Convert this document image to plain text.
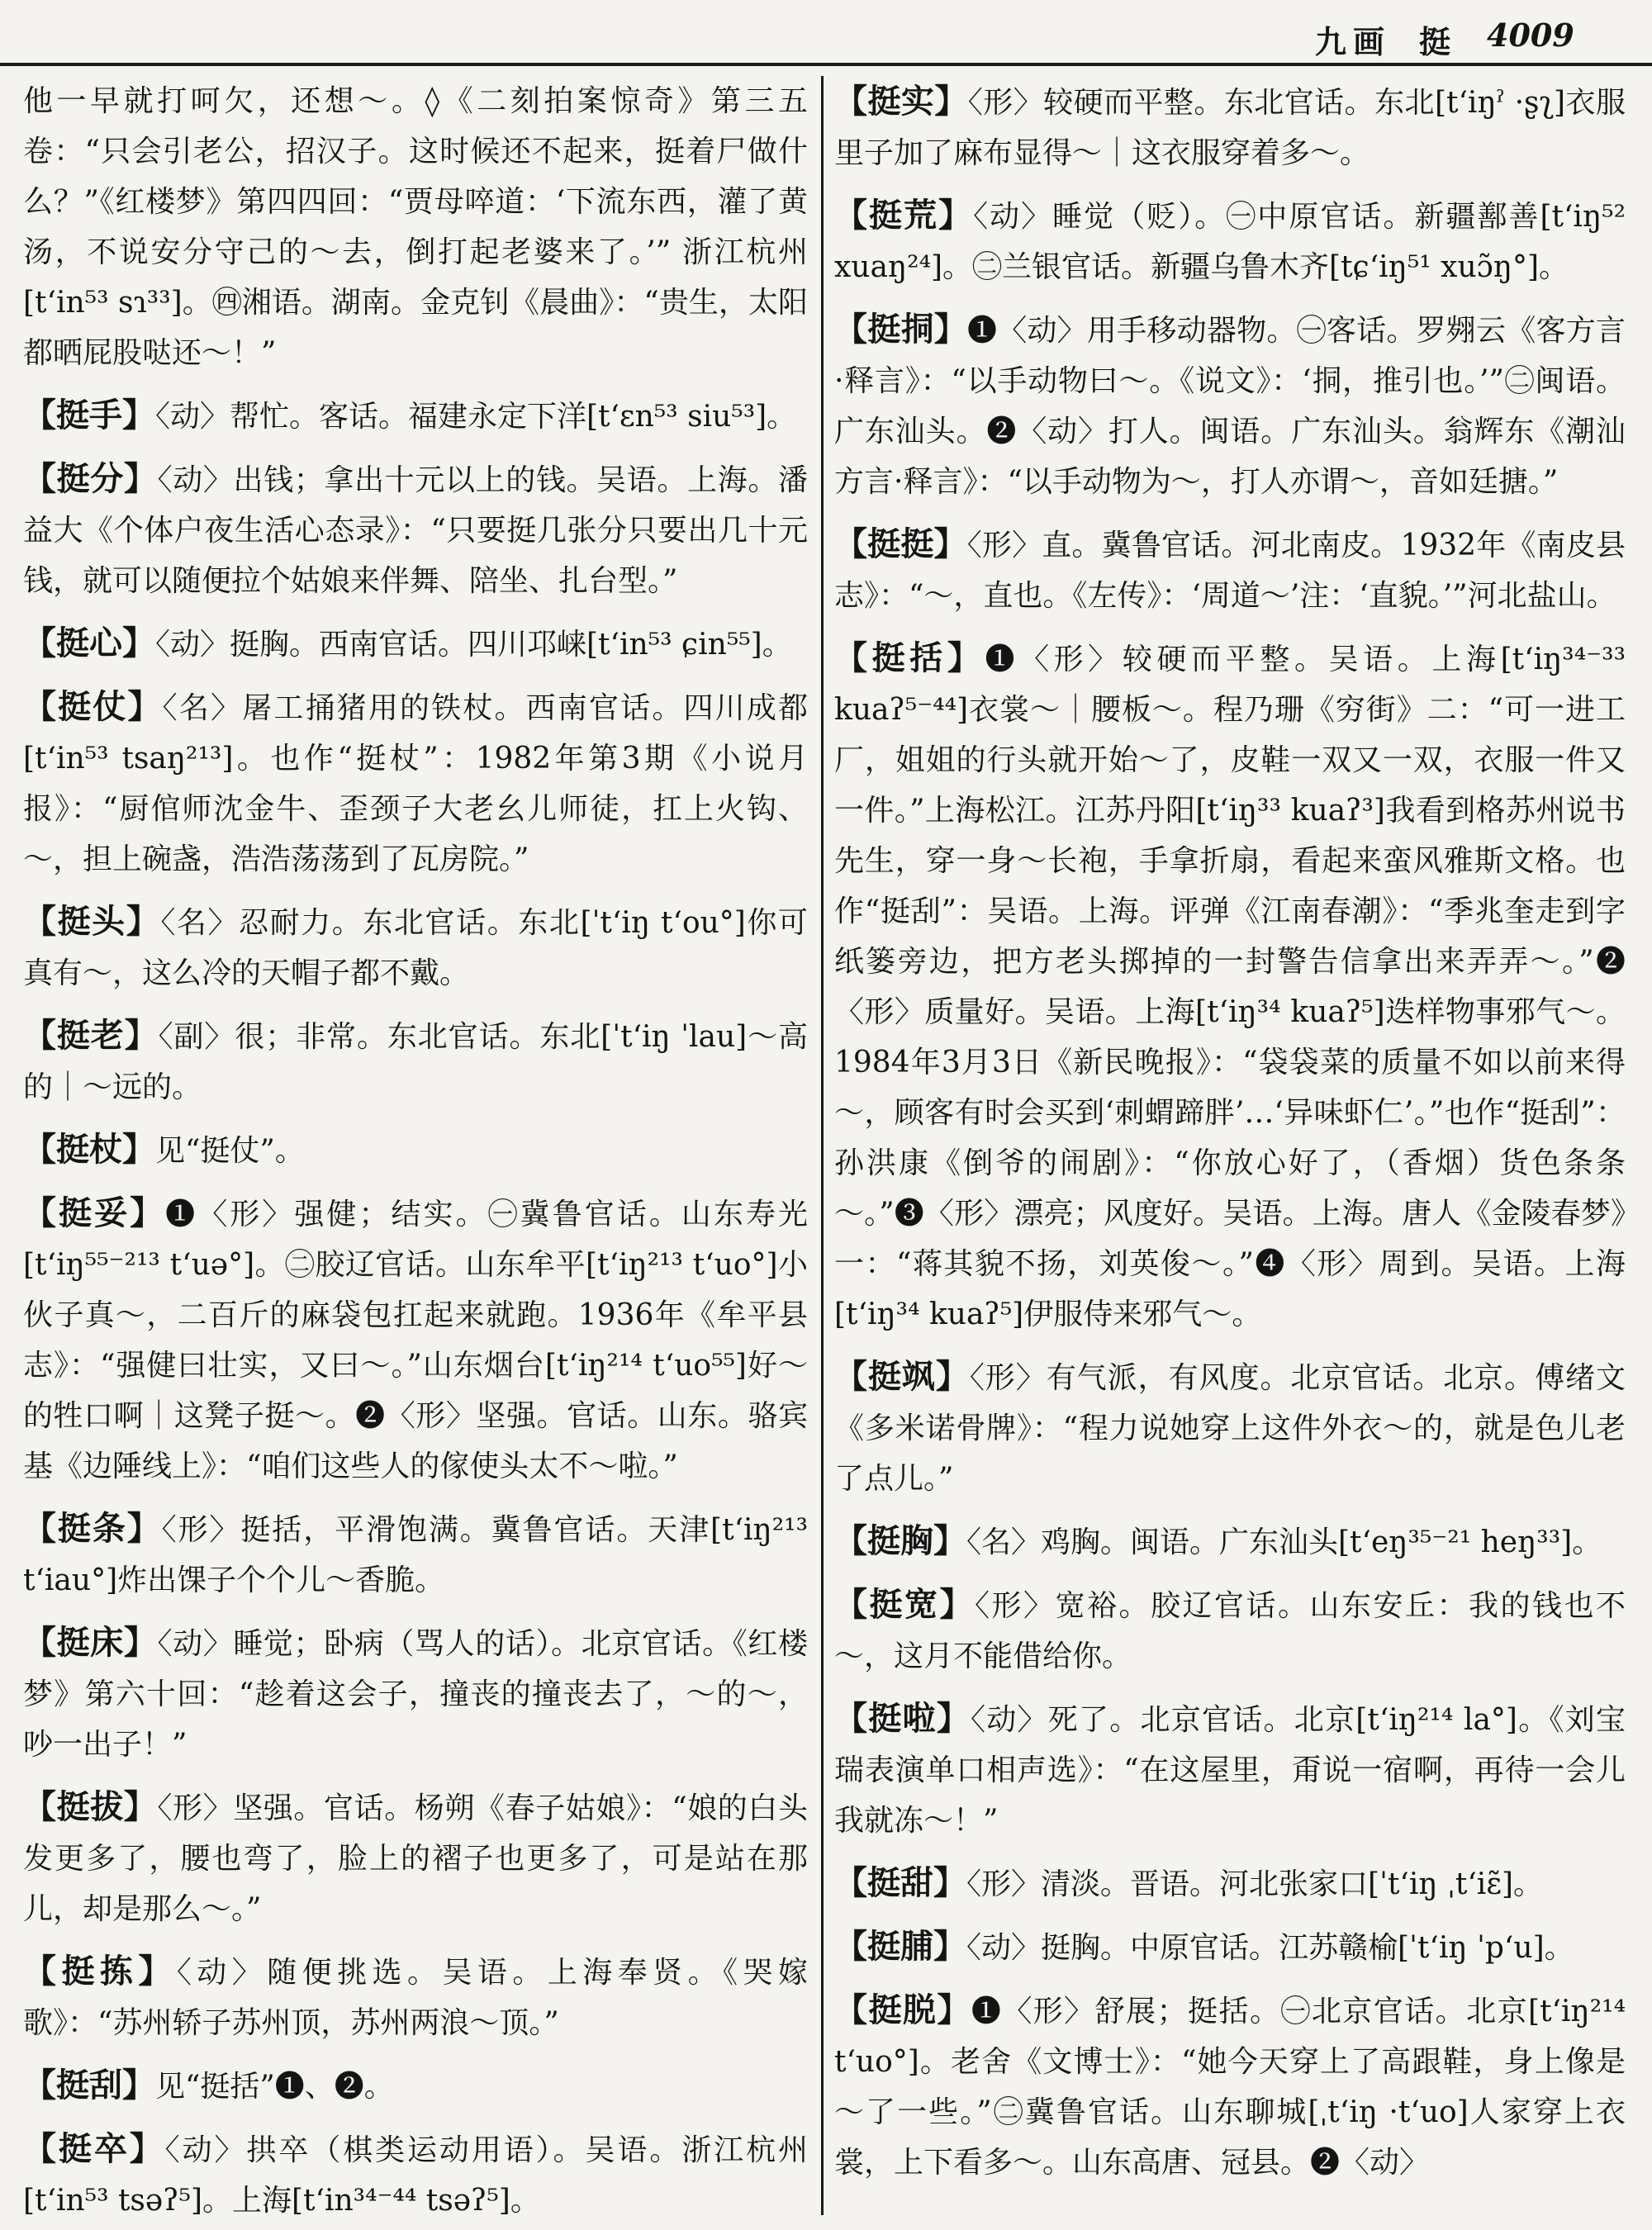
九画 挺 4009

他一早就打呵欠，还想～。◊《二刻拍案惊奇》第三五卷：“只会引老公，招汉子。这时候还不起来，挺着尸做什么？”《红楼梦》第四四回：“贾母啐道：‘下流东西，灌了黄汤，不说安分守己的～去，倒打起老婆来了。’” 浙江杭州[tʻin⁵³ sɿ³³]。㊃湘语。湖南。金克钊《晨曲》：“贵生，太阳都晒屁股哒还～！”

【挺手】〈动〉帮忙。客话。福建永定下洋[tʻɛn⁵³ siu⁵³]。

【挺分】〈动〉出钱；拿出十元以上的钱。吴语。上海。潘益大《个体户夜生活心态录》：“只要挺几张分只要出几十元钱，就可以随便拉个姑娘来伴舞、陪坐、扎台型。”

【挺心】〈动〉挺胸。西南官话。四川邛崃[tʻin⁵³ ɕin⁵⁵]。

【挺仗】〈名〉屠工捅猪用的铁杖。西南官话。四川成都[tʻin⁵³ tsaŋ²¹³]。也作“挺杖”：1982年第3期《小说月报》：“厨倌师沈金牛、歪颈子大老幺儿师徒，扛上火钩、～，担上碗盏，浩浩荡荡到了瓦房院。”

【挺头】〈名〉忍耐力。东北官话。东北[ˈtʻiŋ tʻou°]你可真有～，这么冷的天帽子都不戴。

【挺老】〈副〉很；非常。东北官话。东北[ˈtʻiŋ ˈlau]～高的｜～远的。

【挺杖】见“挺仗”。

【挺妥】❶〈形〉强健；结实。㊀冀鲁官话。山东寿光[tʻiŋ⁵⁵⁻²¹³ tʻuə°]。㊁胶辽官话。山东牟平[tʻiŋ²¹³ tʻuo°]小伙子真～，二百斤的麻袋包扛起来就跑。1936年《牟平县志》：“强健曰壮实，又曰～。”山东烟台[tʻiŋ²¹⁴ tʻuo⁵⁵]好～的牲口啊｜这凳子挺～。❷〈形〉坚强。官话。山东。骆宾基《边陲线上》：“咱们这些人的傢使头太不～啦。”

【挺条】〈形〉挺括，平滑饱满。冀鲁官话。天津[tʻiŋ²¹³ tʻiau°]炸出馃子个个儿～香脆。

【挺床】〈动〉睡觉；卧病（骂人的话）。北京官话。《红楼梦》第六十回：“趁着这会子，撞丧的撞丧去了，～的～，吵一出子！”

【挺拔】〈形〉坚强。官话。杨朔《春子姑娘》：“娘的白头发更多了，腰也弯了，脸上的褶子也更多了，可是站在那儿，却是那么～。”

【挺拣】〈动〉随便挑选。吴语。上海奉贤。《哭嫁歌》：“苏州轿子苏州顶，苏州两浪～顶。”

【挺刮】见“挺括”❶、❷。

【挺卒】〈动〉拱卒（棋类运动用语）。吴语。浙江杭州[tʻin⁵³ tsəʔ⁵]。上海[tʻin³⁴⁻⁴⁴ tsəʔ⁵]。

【挺实】〈形〉较硬而平整。东北官话。东北[tʻiŋˀ ·ʂʅ]衣服里子加了麻布显得～｜这衣服穿着多～。

【挺荒】〈动〉睡觉（贬）。㊀中原官话。新疆鄯善[tʻiŋ⁵² xuaŋ²⁴]。㊁兰银官话。新疆乌鲁木齐[tɕʻiŋ⁵¹ xuɔ̃ŋ°]。

【挺挏】❶〈动〉用手移动器物。㊀客话。罗翙云《客方言·释言》：“以手动物曰～。《说文》：‘挏，推引也。’”㊁闽语。广东汕头。❷〈动〉打人。闽语。广东汕头。翁辉东《潮汕方言·释言》：“以手动物为～，打人亦谓～，音如廷搪。”

【挺挺】〈形〉直。冀鲁官话。河北南皮。1932年《南皮县志》：“～，直也。《左传》：‘周道～’注：‘直貌。’”河北盐山。

【挺括】❶〈形〉较硬而平整。吴语。上海[tʻiŋ³⁴⁻³³ kuaʔ⁵⁻⁴⁴]衣裳～｜腰板～。程乃珊《穷街》二：“可一进工厂，姐姐的行头就开始～了，皮鞋一双又一双，衣服一件又一件。”上海松江。江苏丹阳[tʻiŋ³³ kuaʔ³]我看到格苏州说书先生，穿一身～长袍，手拿折扇，看起来蛮风雅斯文格。也作“挺刮”：吴语。上海。评弹《江南春潮》：“季兆奎走到字纸篓旁边，把方老头掷掉的一封警告信拿出来弄弄～。”❷〈形〉质量好。吴语。上海[tʻiŋ³⁴ kuaʔ⁵]迭样物事邪气～。1984年3月3日《新民晚报》：“袋袋菜的质量不如以前来得～，顾客有时会买到‘刺蝟蹄胖’…‘异味虾仁’。”也作“挺刮”：孙洪康《倒爷的闹剧》：“你放心好了，（香烟）货色条条～。”❸〈形〉漂亮；风度好。吴语。上海。唐人《金陵春梦》一：“蒋其貌不扬，刘英俊～。”❹〈形〉周到。吴语。上海[tʻiŋ³⁴ kuaʔ⁵]伊服侍来邪气～。

【挺飒】〈形〉有气派，有风度。北京官话。北京。傅绪文《多米诺骨牌》：“程力说她穿上这件外衣～的，就是色儿老了点儿。”

【挺胸】〈名〉鸡胸。闽语。广东汕头[tʻeŋ³⁵⁻²¹ heŋ³³]。

【挺宽】〈形〉宽裕。胶辽官话。山东安丘：我的钱也不～，这月不能借给你。

【挺啦】〈动〉死了。北京官话。北京[tʻiŋ²¹⁴ la°]。《刘宝瑞表演单口相声选》：“在这屋里，甭说一宿啊，再待一会儿我就冻～！”

【挺甜】〈形〉清淡。晋语。河北张家口[ˈtʻiŋ ˌtʻiɛ̃]。

【挺脯】〈动〉挺胸。中原官话。江苏赣榆[ˈtʻiŋ ˈpʻu]。

【挺脱】❶〈形〉舒展；挺括。㊀北京官话。北京[tʻiŋ²¹⁴ tʻuo°]。老舍《文博士》：“她今天穿上了高跟鞋，身上像是～了一些。”㊁冀鲁官话。山东聊城[ˌtʻiŋ ·tʻuo]人家穿上衣裳，上下看多～。山东高唐、冠县。❷〈动〉
